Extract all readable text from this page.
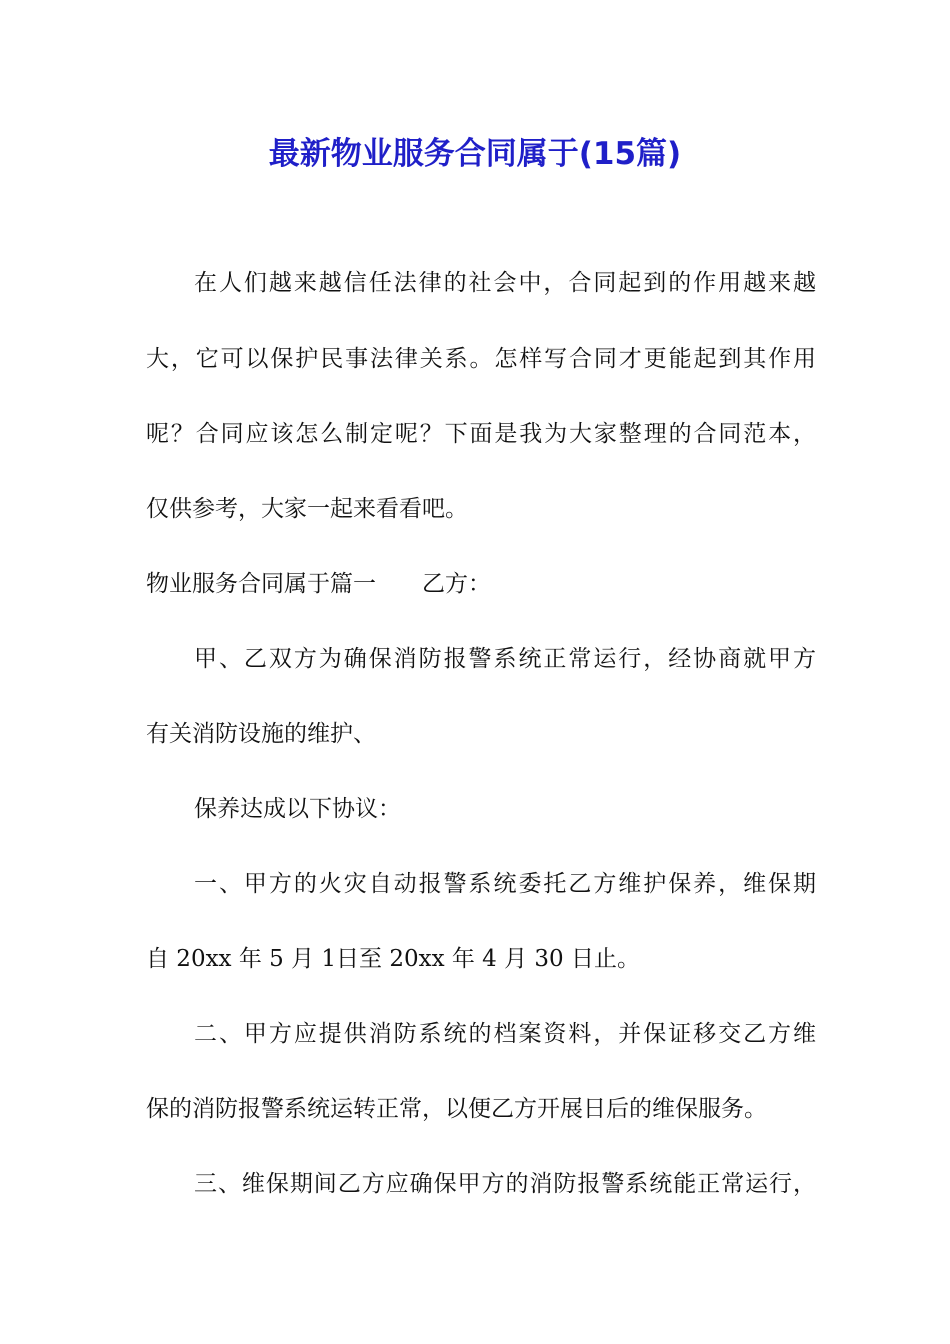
最新物业服务合同属于(15篇)

在人们越来越信任法律的社会中，合同起到的作用越来越

大，它可以保护民事法律关系。怎样写合同才更能起到其作用

呢？合同应该怎么制定呢？下面是我为大家整理的合同范本，

仅供参考，大家一起来看看吧。

物业服务合同属于篇一　　乙方：

甲、乙双方为确保消防报警系统正常运行，经协商就甲方

有关消防设施的维护、

保养达成以下协议：

一、甲方的火灾自动报警系统委托乙方维护保养，维保期

自 20xx 年 5 月 1日至 20xx 年 4 月 30 日止。

二、甲方应提供消防系统的档案资料，并保证移交乙方维

保的消防报警系统运转正常，以便乙方开展日后的维保服务。

三、维保期间乙方应确保甲方的消防报警系统能正常运行，
